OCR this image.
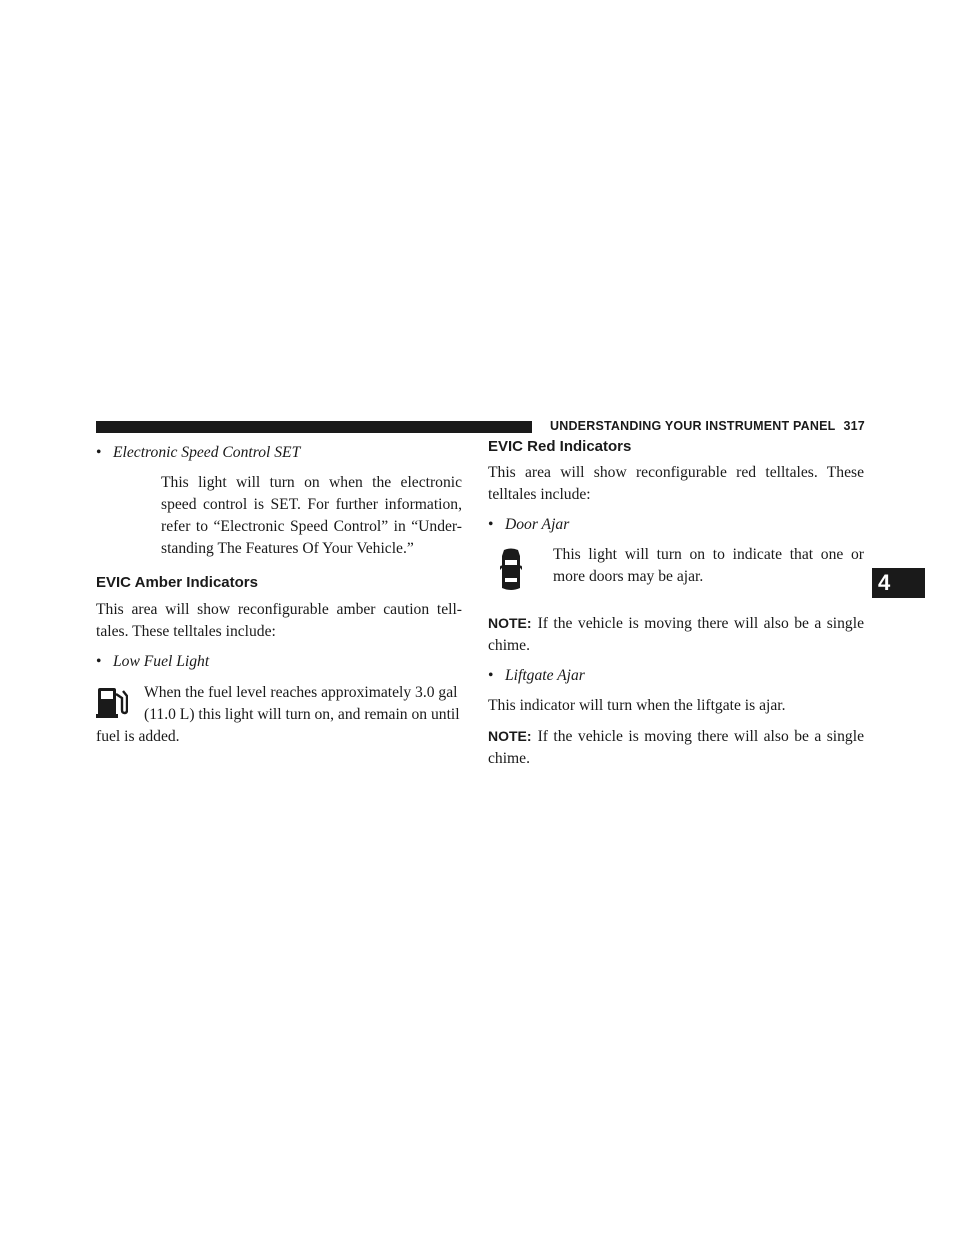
UNDERSTANDING YOUR INSTRUMENT PANEL 317
4
• Electronic Speed Control SET

This light will turn on when the electronic speed control is SET. For further information, refer to “Electronic Speed Control” in “Under-standing The Features Of Your Vehicle.”

EVIC Amber Indicators

This area will show reconfigurable amber caution tell-tales. These telltales include:

• Low Fuel Light

When the fuel level reaches approximately 3.0 gal

(11.0 L) this light will turn on, and remain on until

fuel is added.

EVIC Red Indicators

This area will show reconfigurable red telltales. These telltales include:

• Door Ajar

This light will turn on to indicate that one or more doors may be ajar.

NOTE: If the vehicle is moving there will also be a single chime.

• Liftgate Ajar

This indicator will turn when the liftgate is ajar.

NOTE: If the vehicle is moving there will also be a single chime.
